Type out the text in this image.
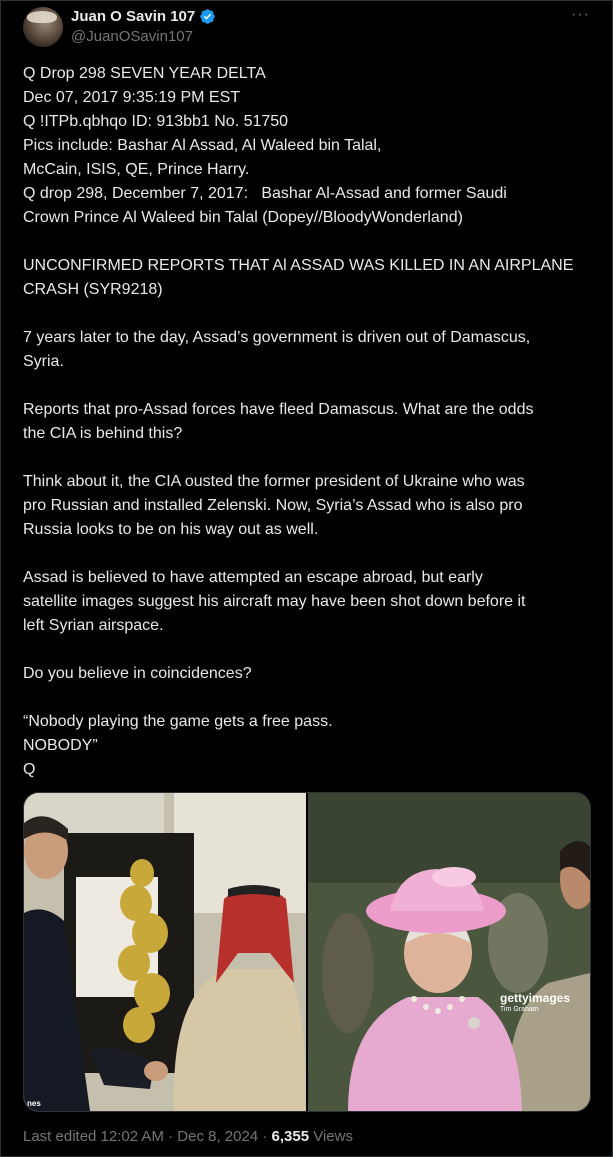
Juan O Savin 107
@JuanOSavin107
···
Q Drop 298 SEVEN YEAR DELTA
Dec 07, 2017 9:35:19 PM EST
Q !ITPb.qbhqo ID: 913bb1 No. 51750
Pics include: Bashar Al Assad, Al Waleed bin Talal,
McCain, ISIS, QE, Prince Harry.
Q drop 298, December 7, 2017:   Bashar Al-Assad and former Saudi
Crown Prince Al Waleed bin Talal (Dopey//BloodyWonderland)
UNCONFIRMED REPORTS THAT Al ASSAD WAS KILLED IN AN AIRPLANE
CRASH (SYR9218)
7 years later to the day, Assad’s government is driven out of Damascus,
Syria.
Reports that pro-Assad forces have fleed Damascus. What are the odds
the CIA is behind this?
Think about it, the CIA ousted the former president of Ukraine who was
pro Russian and installed Zelenski. Now, Syria’s Assad who is also pro
Russia looks to be on his way out as well.
Assad is believed to have attempted an escape abroad, but early
satellite images suggest his aircraft may have been shot down before it
left Syrian airspace.
Do you believe in coincidences?
“Nobody playing the game gets a free pass.
NOBODY”
Q
nes
gettyimages
Tim Graham
Last edited 12:02 AM · Dec 8, 2024 · 6,355 Views
